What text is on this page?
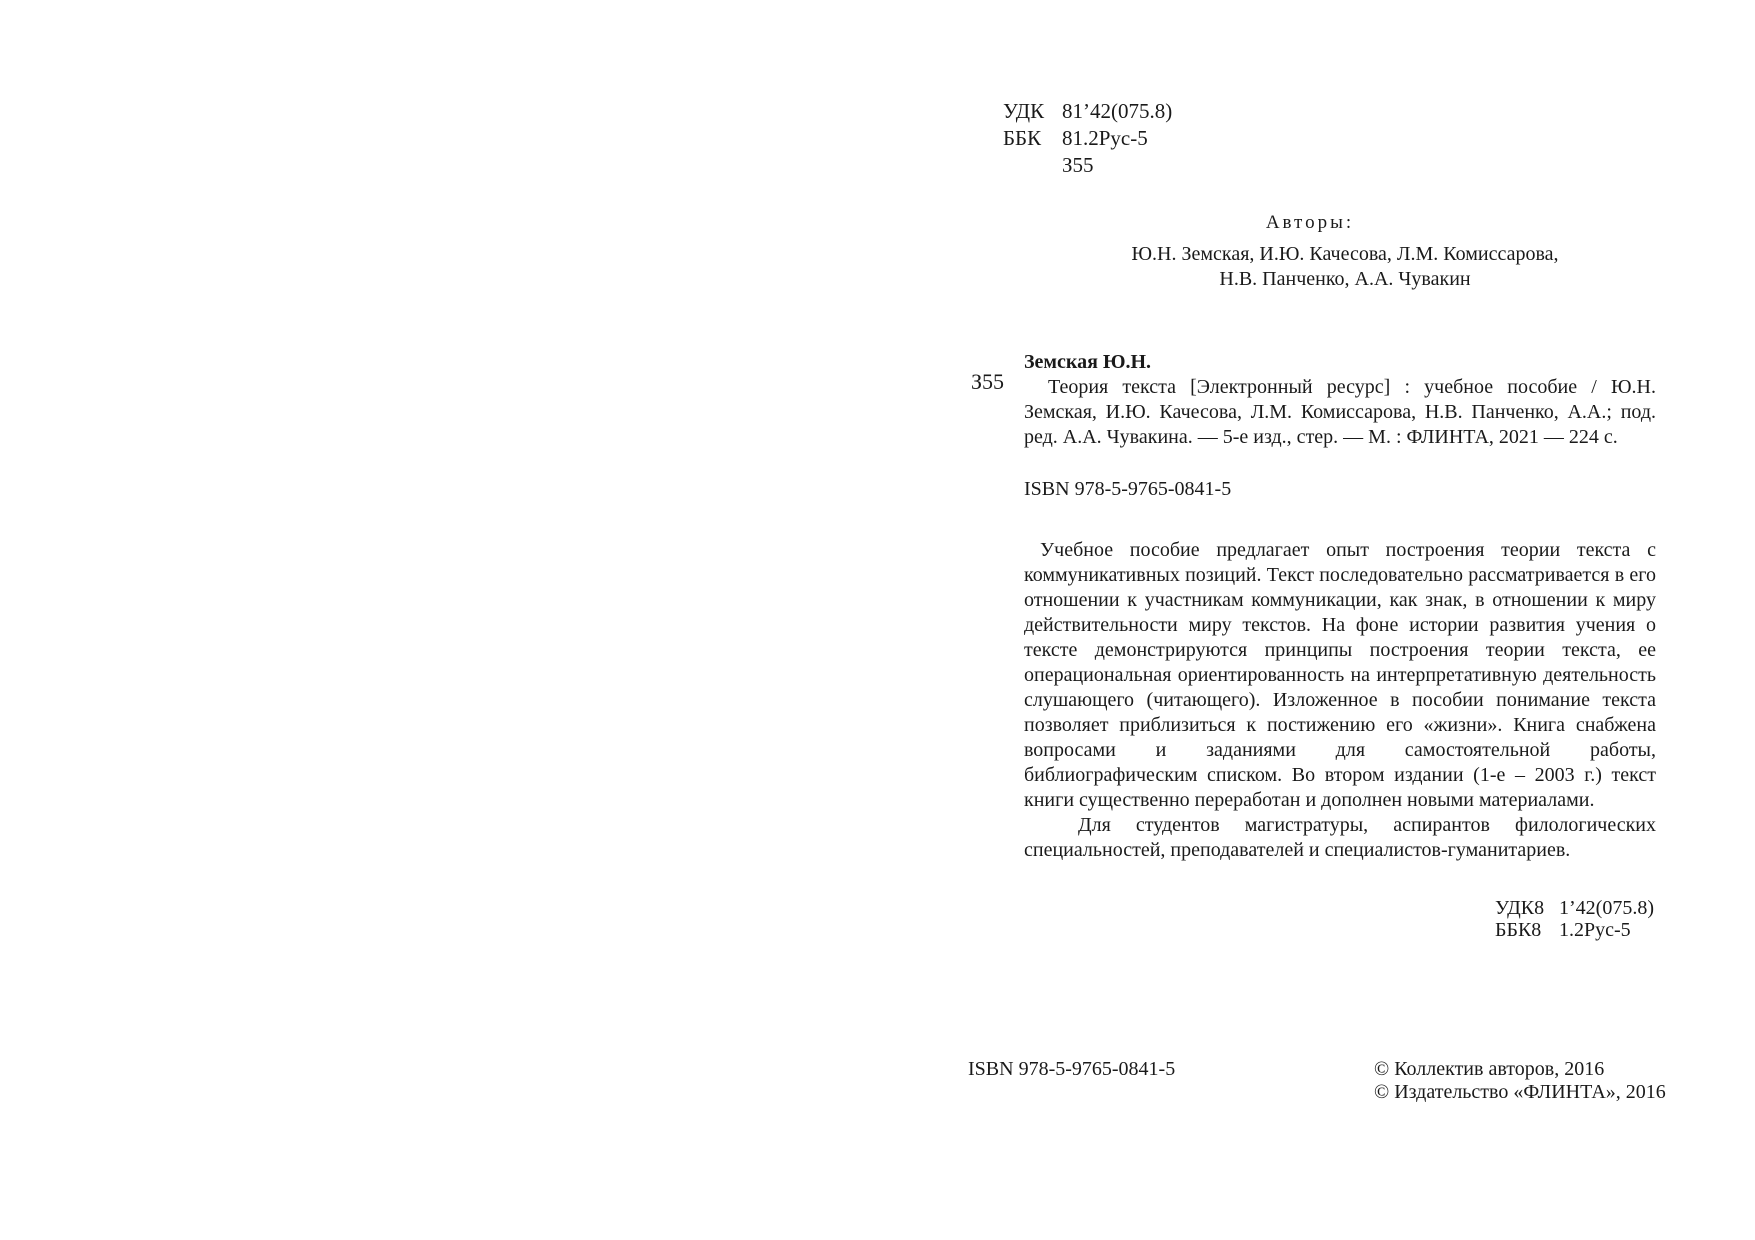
УДК 81’42(075.8)
ББК 81.2Рус-5
З55
Авторы:
Ю.Н. Земская, И.Ю. Качесова, Л.М. Комиссарова,
Н.В. Панченко, А.А. Чувакин
З55
Земская Ю.Н.
Теория текста [Электронный ресурс] : учебное пособие / Ю.Н. Земская, И.Ю. Качесова, Л.М. Комиссарова, Н.В. Панченко, А.А.; под. ред. А.А. Чувакина. — 5-е изд., стер. — М. : ФЛИНТА, 2021 — 224 с.
ISBN 978-5-9765-0841-5

Учебное пособие предлагает опыт построения теории текста с коммуникативных позиций. Текст последовательно рассматривается в его отношении к участникам коммуникации, как знак, в отношении к миру действительности миру текстов. На фоне истории развития учения о тексте демонстрируются принципы построения теории текста, ее операциональная ориентированность на интерпретативную деятельность слушающего (читающего). Изложенное в пособии понимание текста позволяет приблизиться к постижению его «жизни». Книга снабжена вопросами и заданиями для самостоятельной работы, библиографическим списком. Во втором издании (1-е – 2003 г.) текст книги существенно переработан и дополнен новыми материалами.

Для студентов магистратуры, аспирантов филологических специальностей, преподавателей и специалистов-гуманитариев.

УДК8 1’42(075.8)
ББК8 1.2Рус-5
ISBN 978-5-9765-0841-5	© Коллектив авторов, 2016
© Издательство «ФЛИНТА», 2016
